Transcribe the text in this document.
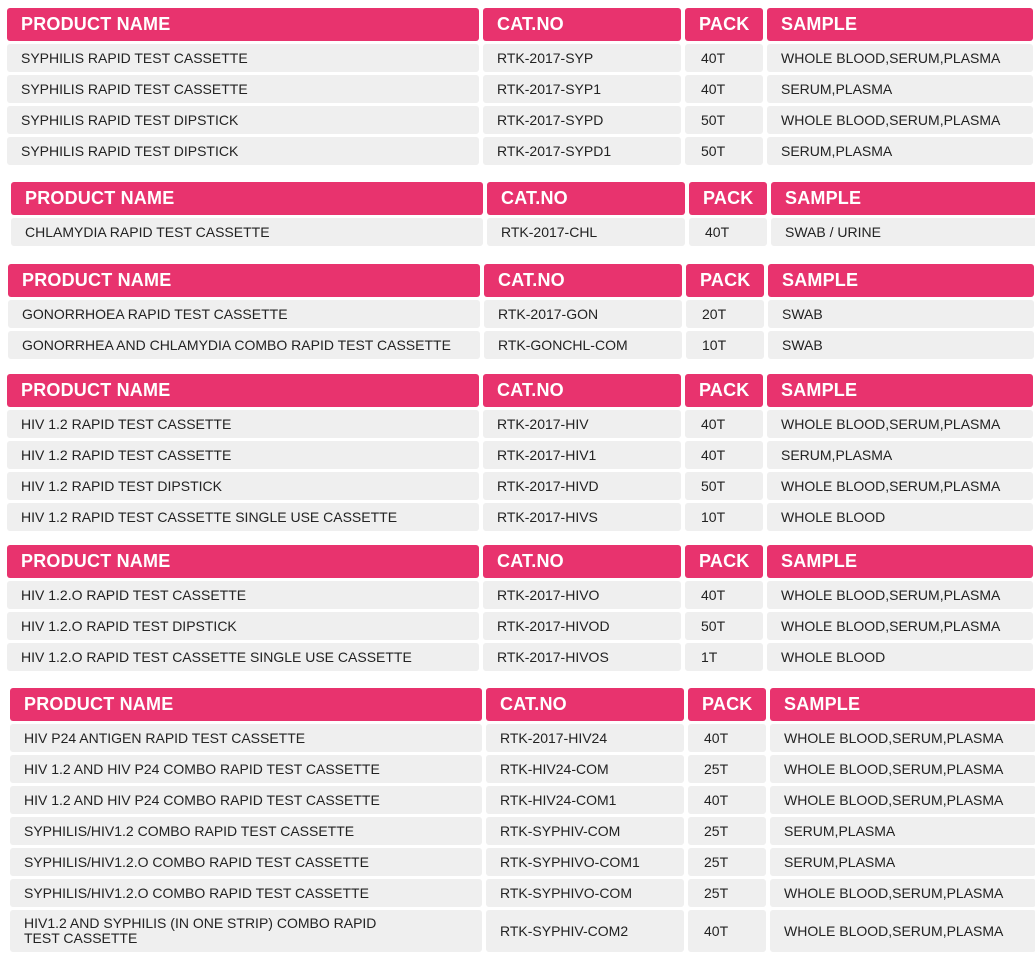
PRODUCT NAME	CAT.NO	PACK	SAMPLE
SYPHILIS RAPID TEST CASSETTE	RTK-2017-SYP	40T	WHOLE BLOOD,SERUM,PLASMA
SYPHILIS RAPID TEST CASSETTE	RTK-2017-SYP1	40T	SERUM,PLASMA
SYPHILIS RAPID TEST DIPSTICK	RTK-2017-SYPD	50T	WHOLE BLOOD,SERUM,PLASMA
SYPHILIS RAPID TEST DIPSTICK	RTK-2017-SYPD1	50T	SERUM,PLASMA
PRODUCT NAME	CAT.NO	PACK	SAMPLE
CHLAMYDIA RAPID TEST CASSETTE	RTK-2017-CHL	40T	SWAB / URINE
PRODUCT NAME	CAT.NO	PACK	SAMPLE
GONORRHOEA RAPID TEST CASSETTE	RTK-2017-GON	20T	SWAB
GONORRHEA AND CHLAMYDIA COMBO RAPID TEST CASSETTE	RTK-GONCHL-COM	10T	SWAB
PRODUCT NAME	CAT.NO	PACK	SAMPLE
HIV 1.2 RAPID TEST CASSETTE	RTK-2017-HIV	40T	WHOLE BLOOD,SERUM,PLASMA
HIV 1.2 RAPID TEST CASSETTE	RTK-2017-HIV1	40T	SERUM,PLASMA
HIV 1.2 RAPID TEST DIPSTICK	RTK-2017-HIVD	50T	WHOLE BLOOD,SERUM,PLASMA
HIV 1.2 RAPID TEST CASSETTE SINGLE USE CASSETTE	RTK-2017-HIVS	10T	WHOLE BLOOD
PRODUCT NAME	CAT.NO	PACK	SAMPLE
HIV 1.2.O RAPID TEST CASSETTE	RTK-2017-HIVO	40T	WHOLE BLOOD,SERUM,PLASMA
HIV 1.2.O RAPID TEST DIPSTICK	RTK-2017-HIVOD	50T	WHOLE BLOOD,SERUM,PLASMA
HIV 1.2.O RAPID TEST CASSETTE SINGLE USE CASSETTE	RTK-2017-HIVOS	1T	WHOLE BLOOD
PRODUCT NAME	CAT.NO	PACK	SAMPLE
HIV P24 ANTIGEN RAPID TEST CASSETTE	RTK-2017-HIV24	40T	WHOLE BLOOD,SERUM,PLASMA
HIV 1.2 AND HIV P24 COMBO RAPID TEST CASSETTE	RTK-HIV24-COM	25T	WHOLE BLOOD,SERUM,PLASMA
HIV 1.2 AND HIV P24 COMBO RAPID TEST CASSETTE	RTK-HIV24-COM1	40T	WHOLE BLOOD,SERUM,PLASMA
SYPHILIS/HIV1.2 COMBO RAPID TEST CASSETTE	RTK-SYPHIV-COM	25T	SERUM,PLASMA
SYPHILIS/HIV1.2.O COMBO RAPID TEST CASSETTE	RTK-SYPHIVO-COM1	25T	SERUM,PLASMA
SYPHILIS/HIV1.2.O COMBO RAPID TEST CASSETTE	RTK-SYPHIVO-COM	25T	WHOLE BLOOD,SERUM,PLASMA
HIV1.2 AND SYPHILIS (IN ONE STRIP) COMBO RAPID TEST CASSETTE	RTK-SYPHIV-COM2	40T	WHOLE BLOOD,SERUM,PLASMA
